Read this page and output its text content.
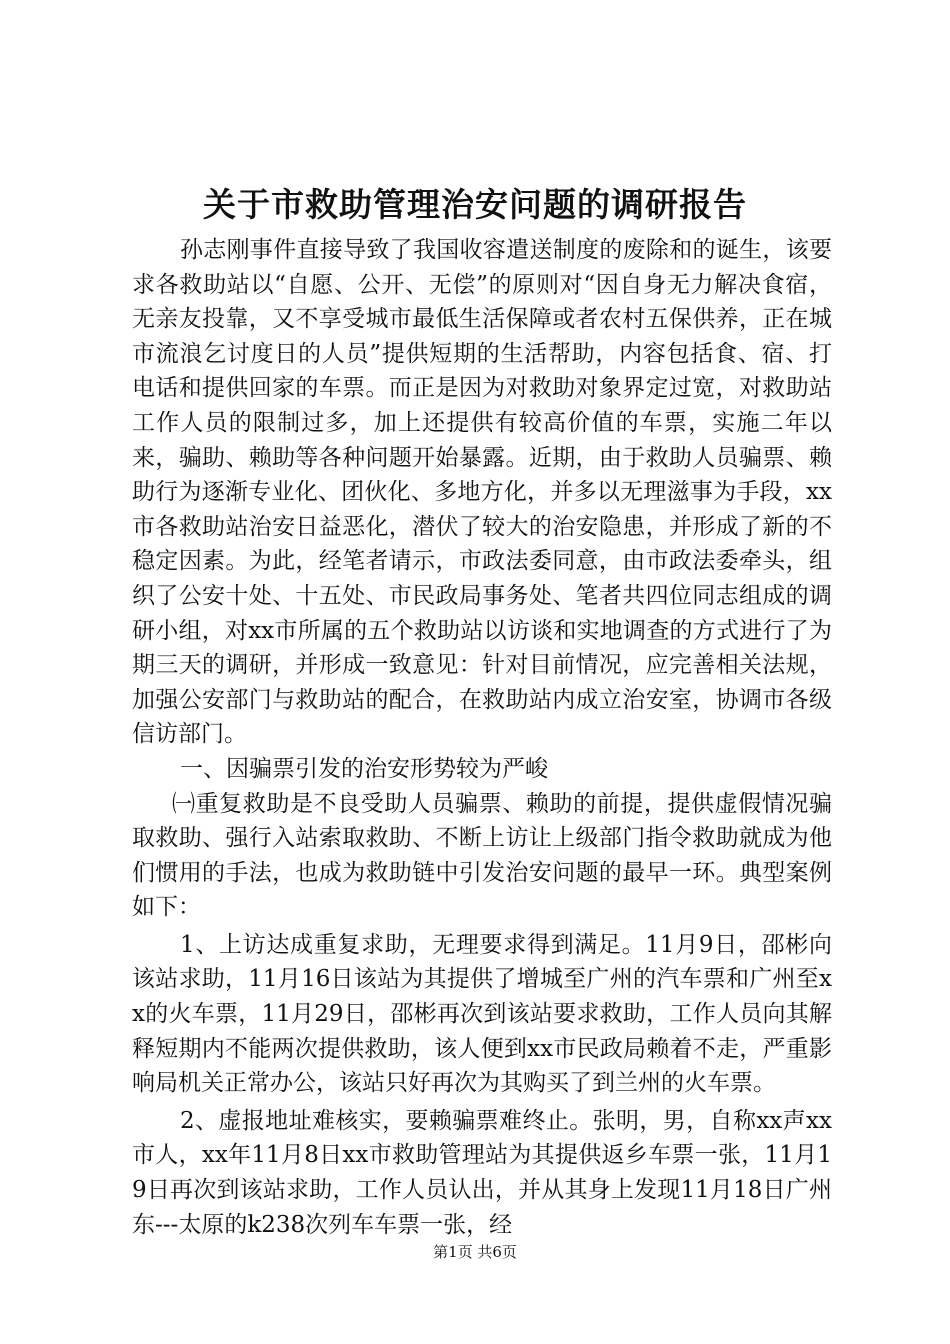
关于市救助管理治安问题的调研报告

孙志刚事件直接导致了我国收容遣送制度的废除和的诞生，该要求各救助站以“自愿、公开、无偿”的原则对“因自身无力解决食宿，无亲友投靠，又不享受城市最低生活保障或者农村五保供养，正在城市流浪乞讨度日的人员”提供短期的生活帮助，内容包括食、宿、打电话和提供回家的车票。而正是因为对救助对象界定过宽，对救助站工作人员的限制过多，加上还提供有较高价值的车票，实施二年以来，骗助、赖助等各种问题开始暴露。近期，由于救助人员骗票、赖助行为逐渐专业化、团伙化、多地方化，并多以无理滋事为手段，xx市各救助站治安日益恶化，潜伏了较大的治安隐患，并形成了新的不稳定因素。为此，经笔者请示，市政法委同意，由市政法委牵头，组织了公安十处、十五处、市民政局事务处、笔者共四位同志组成的调研小组，对xx市所属的五个救助站以访谈和实地调查的方式进行了为期三天的调研，并形成一致意见：针对目前情况，应完善相关法规，加强公安部门与救助站的配合，在救助站内成立治安室，协调市各级信访部门。

一、因骗票引发的治安形势较为严峻

㈠重复救助是不良受助人员骗票、赖助的前提，提供虚假情况骗取救助、强行入站索取救助、不断上访让上级部门指令救助就成为他们惯用的手法，也成为救助链中引发治安问题的最早一环。典型案例如下：

1、上访达成重复求助，无理要求得到满足。11月9日，邵彬向该站求助，11月16日该站为其提供了增城至广州的汽车票和广州至xx的火车票，11月29日，邵彬再次到该站要求救助，工作人员向其解释短期内不能两次提供救助，该人便到xx市民政局赖着不走，严重影响局机关正常办公，该站只好再次为其购买了到兰州的火车票。

2、虚报地址难核实，要赖骗票难终止。张明，男，自称xx声xx市人，xx年11月8日xx市救助管理站为其提供返乡车票一张，11月19日再次到该站求助，工作人员认出，并从其身上发现11月18日广州东---太原的k238次列车车票一张，经

第1页 共6页
